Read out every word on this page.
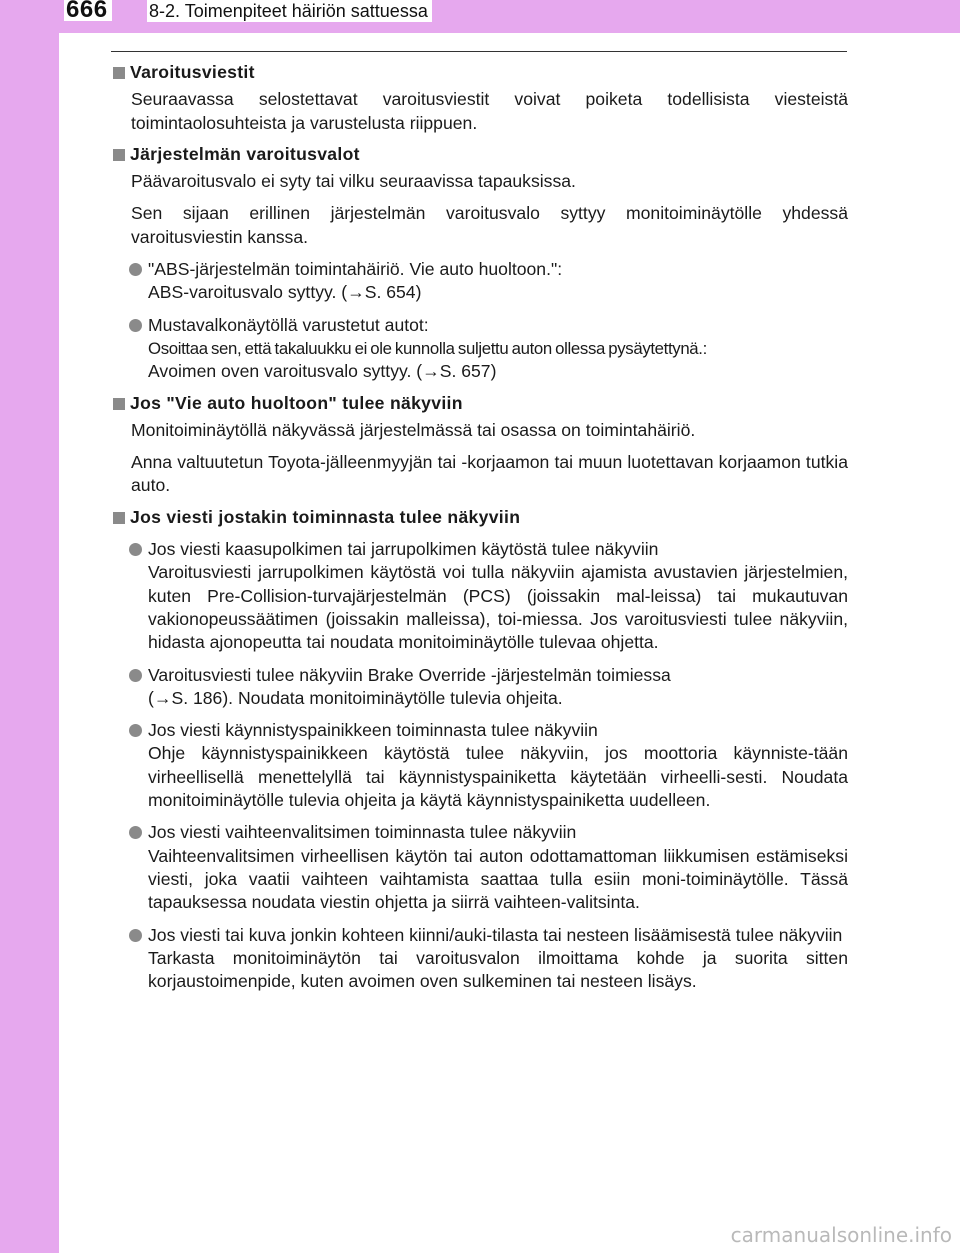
666 8-2. Toimenpiteet häiriön sattuessa
Varoitusviestit
Seuraavassa selostettavat varoitusviestit voivat poiketa todellisista viesteistä toimintaolosuhteista ja varustelusta riippuen.
Järjestelmän varoitusvalot
Päävaroitusvalo ei syty tai vilku seuraavissa tapauksissa.
Sen sijaan erillinen järjestelmän varoitusvalo syttyy monitoiminäytölle yhdessä varoitusviestin kanssa.
"ABS-järjestelmän toimintahäiriö. Vie auto huoltoon.":
ABS-varoitusvalo syttyy. (→S. 654)
Mustavalkonäytöllä varustetut autot:
Osoittaa sen, että takaluukku ei ole kunnolla suljettu auton ollessa pysäytettynä.:
Avoimen oven varoitusvalo syttyy. (→S. 657)
Jos "Vie auto huoltoon" tulee näkyviin
Monitoiminäytöllä näkyvässä järjestelmässä tai osassa on toimintahäiriö.
Anna valtuutetun Toyota-jälleenmyyjän tai -korjaamon tai muun luotettavan korjaamon tutkia auto.
Jos viesti jostakin toiminnasta tulee näkyviin
Jos viesti kaasupolkimen tai jarrupolkimen käytöstä tulee näkyviin
Varoitusviesti jarrupolkimen käytöstä voi tulla näkyviin ajamista avustavien järjestelmien, kuten Pre-Collision-turvajärjestelmän (PCS) (joissakin mal-leissa) tai mukautuvan vakionopeussäätimen (joissakin malleissa), toi-miessa. Jos varoitusviesti tulee näkyviin, hidasta ajonopeutta tai noudata monitoiminäytölle tulevaa ohjetta.
Varoitusviesti tulee näkyviin Brake Override -järjestelmän toimiessa
(→S. 186). Noudata monitoiminäytölle tulevia ohjeita.
Jos viesti käynnistyspainikkeen toiminnasta tulee näkyviin
Ohje käynnistyspainikkeen käytöstä tulee näkyviin, jos moottoria käynniste-tään virheellisellä menettelyllä tai käynnistyspainiketta käytetään virheelli-sesti. Noudata monitoiminäytölle tulevia ohjeita ja käytä käynnistyspainiketta uudelleen.
Jos viesti vaihteenvalitsimen toiminnasta tulee näkyviin
Vaihteenvalitsimen virheellisen käytön tai auton odottamattoman liikkumisen estämiseksi viesti, joka vaatii vaihteen vaihtamista saattaa tulla esiin moni-toiminäytölle. Tässä tapauksessa noudata viestin ohjetta ja siirrä vaihteen-valitsinta.
Jos viesti tai kuva jonkin kohteen kiinni/auki-tilasta tai nesteen lisäämisestä tulee näkyviin
Tarkasta monitoiminäytön tai varoitusvalon ilmoittama kohde ja suorita sitten korjaustoimenpide, kuten avoimen oven sulkeminen tai nesteen lisäys.
carmanualsonline.info
